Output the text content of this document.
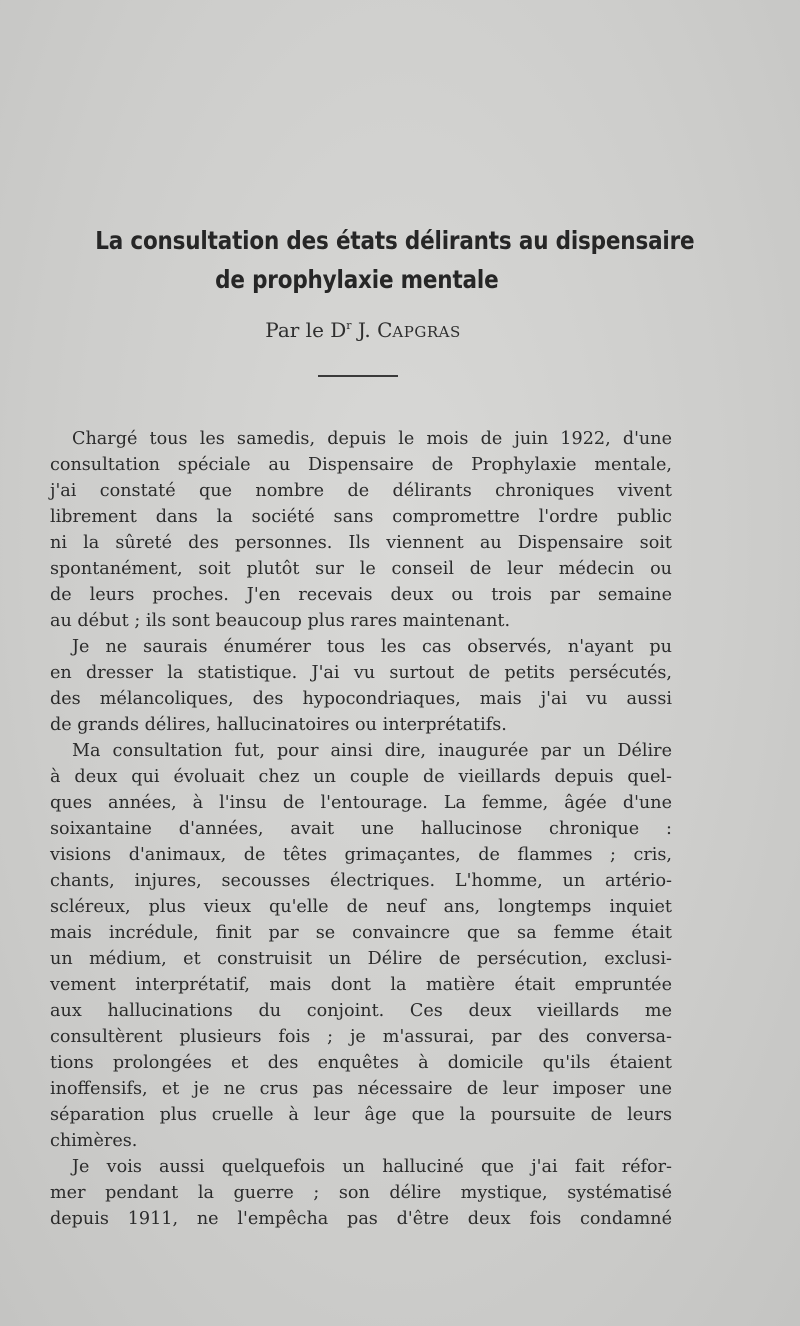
La consultation des états délirants au dispensaire
de prophylaxie mentale
Par le $D^r$ J. CAPGRAS
Chargé tous les samedis, depuis le mois de juin 1922, d'une
consultation spéciale au Dispensaire de Prophylaxie mentale,
j'ai constaté que nombre de délirants chroniques vivent
librement dans la société sans compromettre l'ordre public
ni la sûreté des personnes. Ils viennent au Dispensaire soit
spontanément, soit plutôt sur le conseil de leur médecin ou
de leurs proches. J'en recevais deux ou trois par semaine
au début ; ils sont beaucoup plus rares maintenant.
Je ne saurais énumérer tous les cas observés, n'ayant pu
en dresser la statistique. J'ai vu surtout de petits persécutés,
des mélancoliques, des hypocondriaques, mais j'ai vu aussi
de grands délires, hallucinatoires ou interprétatifs.
Ma consultation fut, pour ainsi dire, inaugurée par un Délire
à deux qui évoluait chez un couple de vieillards depuis quel-
ques années, à l'insu de l'entourage. La femme, âgée d'une
soixantaine d'années, avait une hallucinose chronique :
visions d'animaux, de têtes grimaçantes, de flammes ; cris,
chants, injures, secousses électriques. L'homme, un artério-
scléreux, plus vieux qu'elle de neuf ans, longtemps inquiet
mais incrédule, finit par se convaincre que sa femme était
un médium, et construisit un Délire de persécution, exclusi-
vement interprétatif, mais dont la matière était empruntée
aux hallucinations du conjoint. Ces deux vieillards me
consultèrent plusieurs fois ; je m'assurai, par des conversa-
tions prolongées et des enquêtes à domicile qu'ils étaient
inoffensifs, et je ne crus pas nécessaire de leur imposer une
séparation plus cruelle à leur âge que la poursuite de leurs
chimères.
Je vois aussi quelquefois un halluciné que j'ai fait réfor-
mer pendant la guerre ; son délire mystique, systématisé
depuis 1911, ne l'empêcha pas d'être deux fois condamné
